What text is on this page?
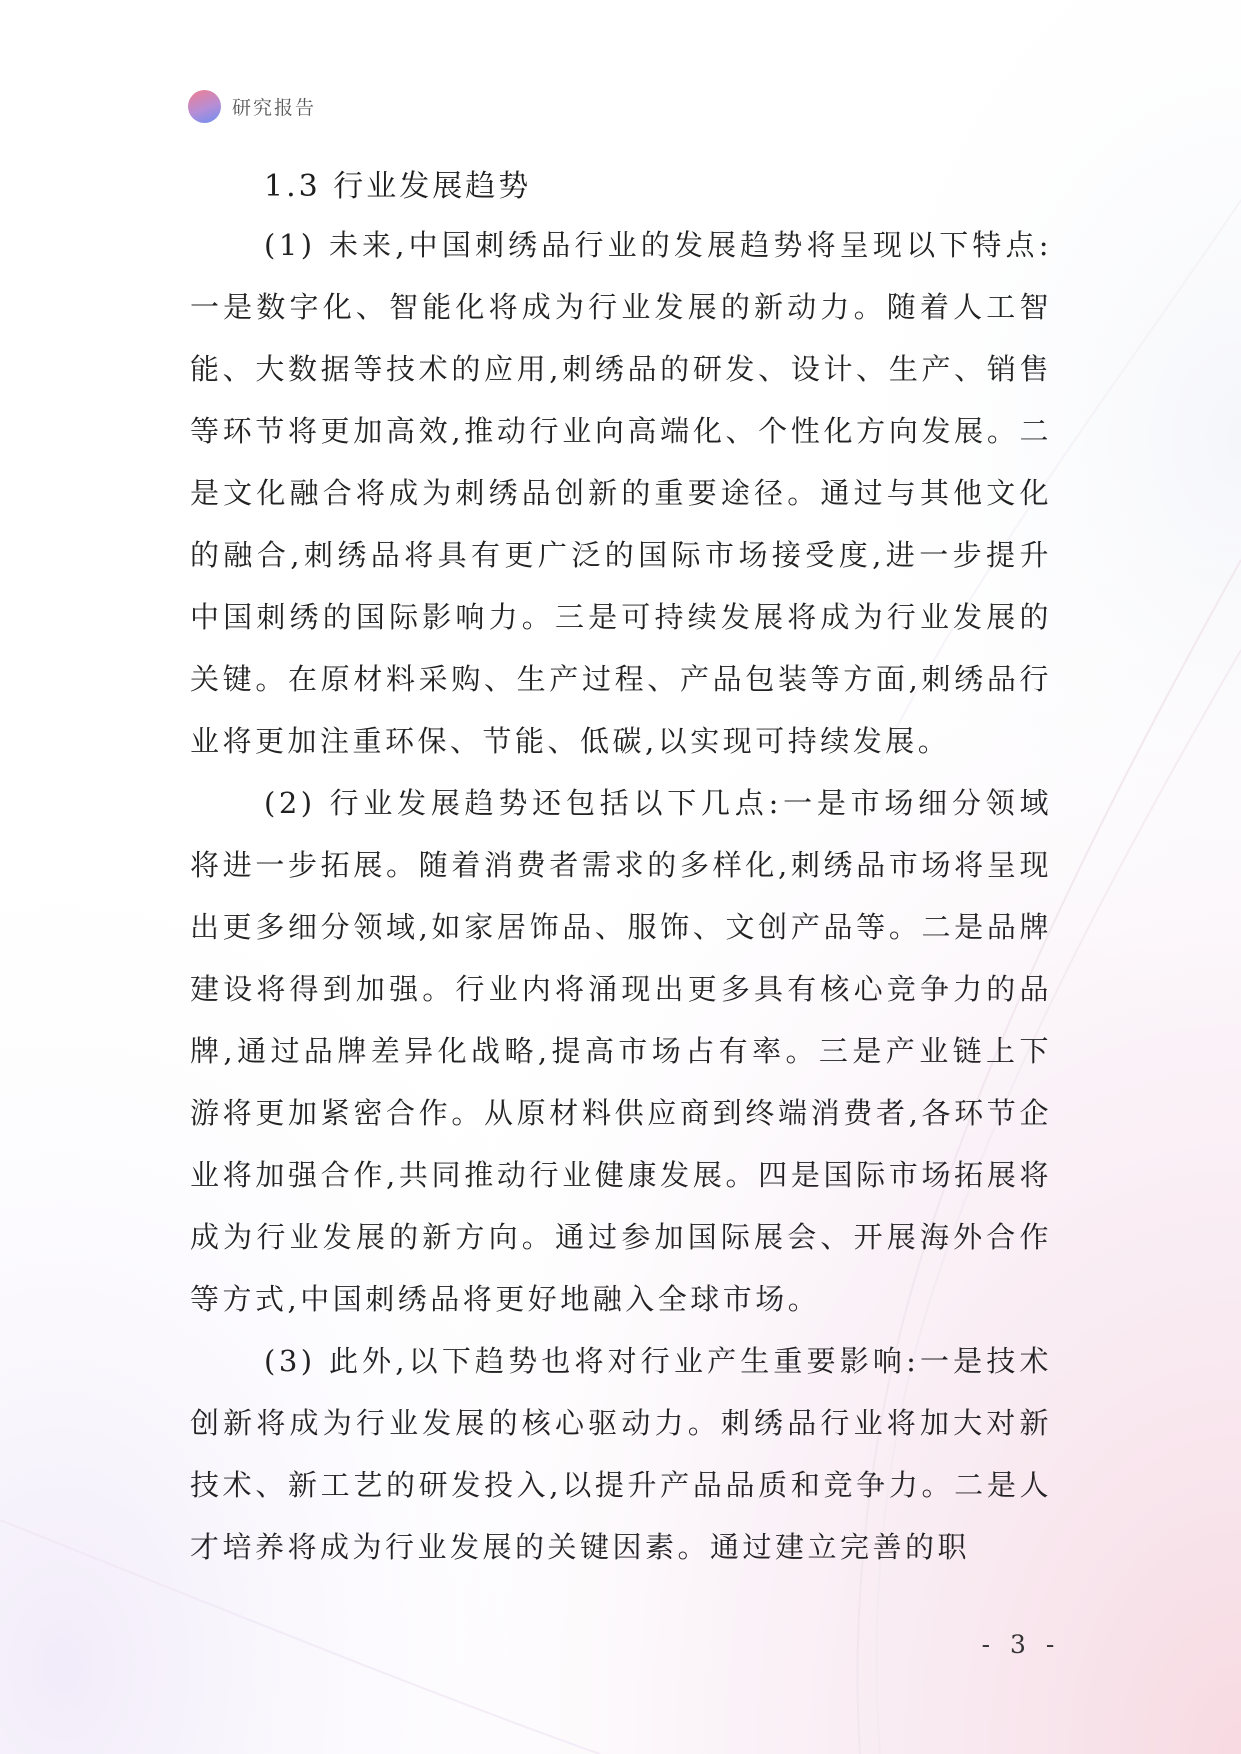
研究报告
1.3 行业发展趋势

(1) 未来,中国刺绣品行业的发展趋势将呈现以下特点:一是数字化、智能化将成为行业发展的新动力。随着人工智能、大数据等技术的应用,刺绣品的研发、设计、生产、销售等环节将更加高效,推动行业向高端化、个性化方向发展。二是文化融合将成为刺绣品创新的重要途径。通过与其他文化的融合,刺绣品将具有更广泛的国际市场接受度,进一步提升中国刺绣的国际影响力。三是可持续发展将成为行业发展的关键。在原材料采购、生产过程、产品包装等方面,刺绣品行业将更加注重环保、节能、低碳,以实现可持续发展。

(2) 行业发展趋势还包括以下几点:一是市场细分领域将进一步拓展。随着消费者需求的多样化,刺绣品市场将呈现出更多细分领域,如家居饰品、服饰、文创产品等。二是品牌建设将得到加强。行业内将涌现出更多具有核心竞争力的品牌,通过品牌差异化战略,提高市场占有率。三是产业链上下游将更加紧密合作。从原材料供应商到终端消费者,各环节企业将加强合作,共同推动行业健康发展。四是国际市场拓展将成为行业发展的新方向。通过参加国际展会、开展海外合作等方式,中国刺绣品将更好地融入全球市场。

(3) 此外,以下趋势也将对行业产生重要影响:一是技术创新将成为行业发展的核心驱动力。刺绣品行业将加大对新技术、新工艺的研发投入,以提升产品品质和竞争力。二是人才培养将成为行业发展的关键因素。通过建立完善的职

- 3 -
